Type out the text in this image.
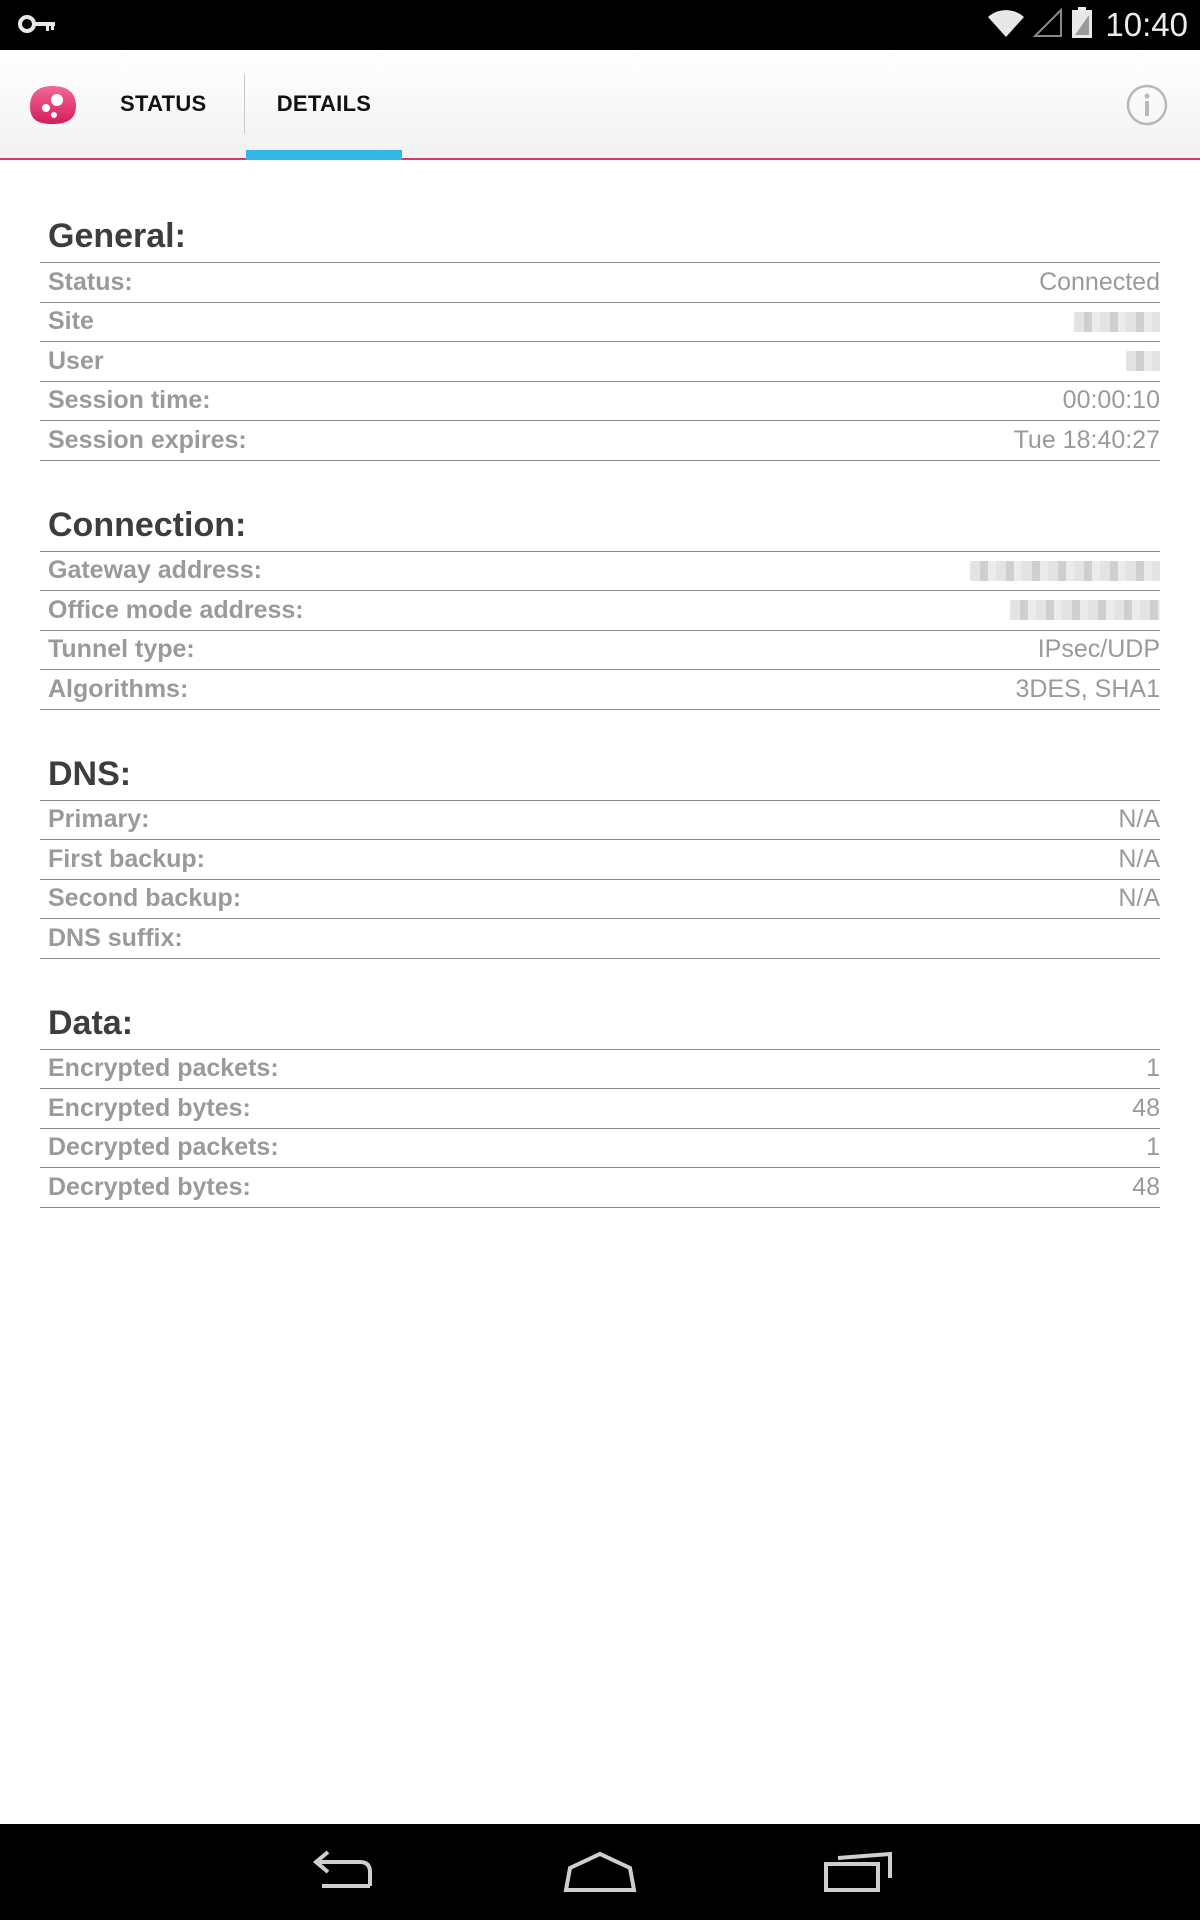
10:40
STATUS	DETAILS
General:
Status:	Connected
Site
User
Session time:	00:00:10
Session expires:	Tue 18:40:27
Connection:
Gateway address:
Office mode address:
Tunnel type:	IPsec/UDP
Algorithms:	3DES, SHA1
DNS:
Primary:	N/A
First backup:	N/A
Second backup:	N/A
DNS suffix:
Data:
Encrypted packets:	1
Encrypted bytes:	48
Decrypted packets:	1
Decrypted bytes:	48
